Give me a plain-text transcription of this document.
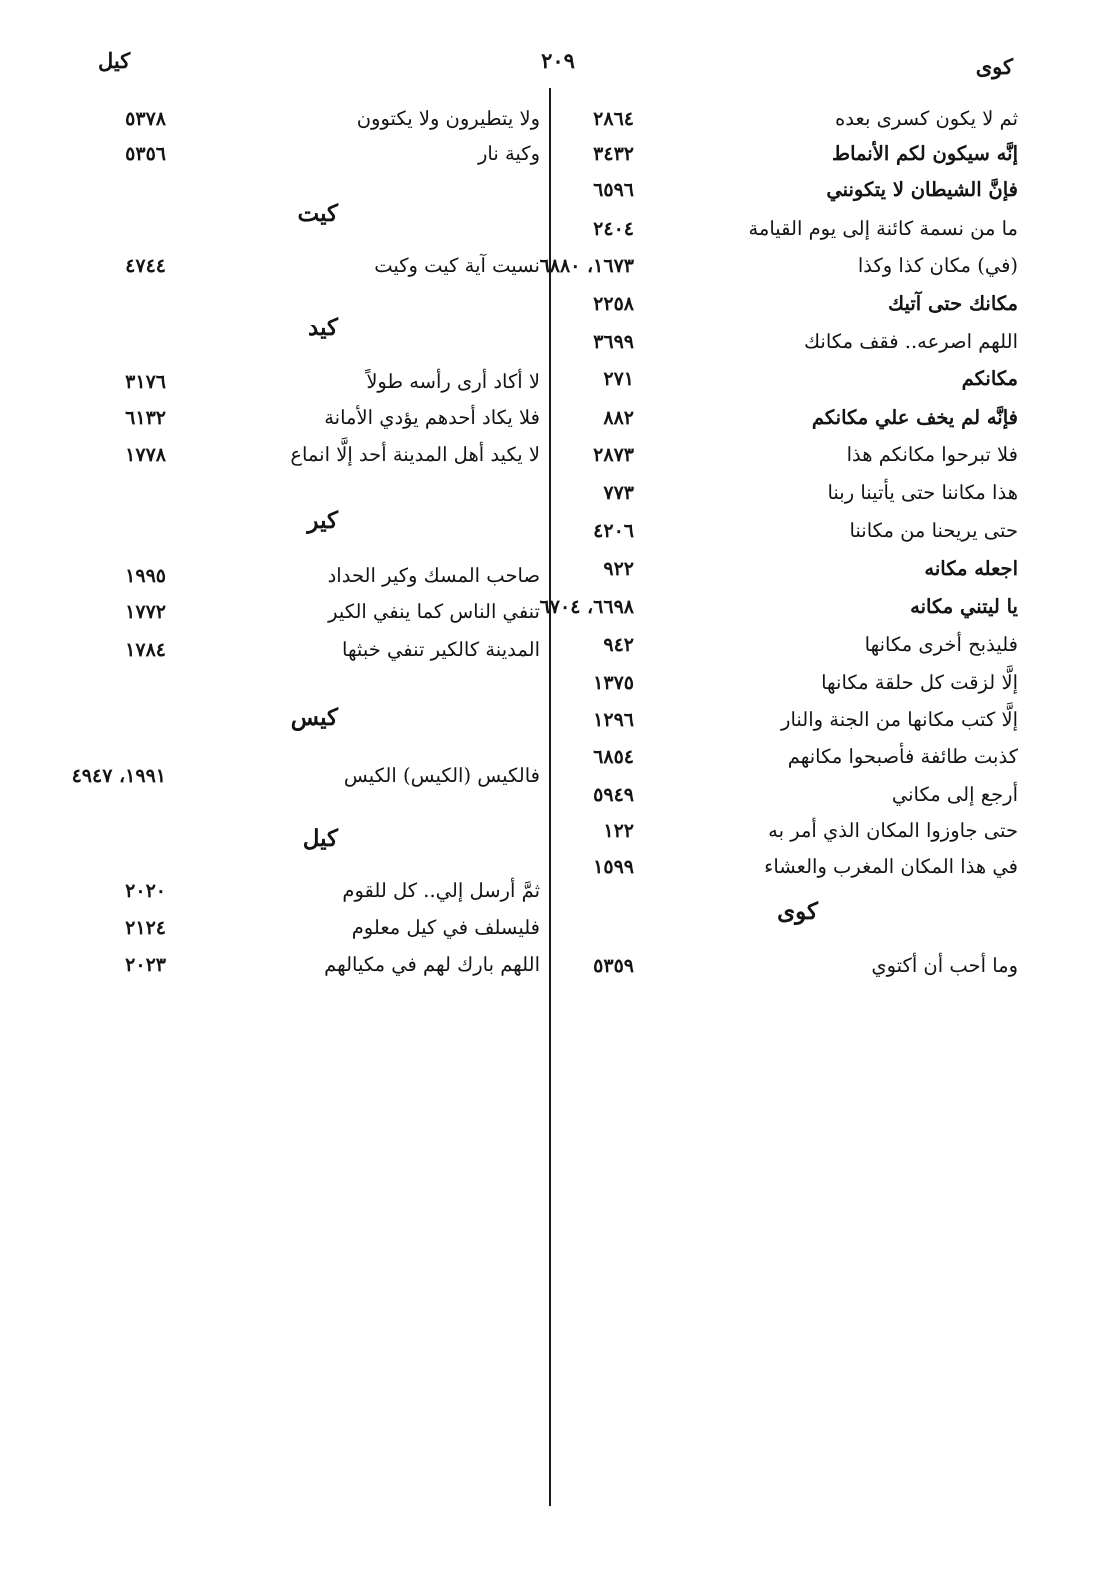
كيل	٢٠٩	كوى
ثم لا يكون كسرى بعده
٢٨٦٤
إنَّه سيكون لكم الأنماط
٣٤٣٢
فإنَّ الشيطان لا يتكونني
٦٥٩٦
ما من نسمة كائنة إلى يوم القيامة
٢٤٠٤
(في) مكان كذا وكذا
١٦٧٣، ٦٨٨٠
مكانك حتى آتيك
٢٢٥٨
اللهم اصرعه.. فقف مكانك
٣٦٩٩
مكانكم
٢٧١
فإنَّه لم يخف علي مكانكم
٨٨٢
فلا تبرحوا مكانكم هذا
٢٨٧٣
هذا مكاننا حتى يأتينا ربنا
٧٧٣
حتى يريحنا من مكاننا
٤٢٠٦
اجعله مكانه
٩٢٢
يا ليتني مكانه
٦٦٩٨، ٦٧٠٤
فليذبح أخرى مكانها
٩٤٢
إلَّا لزقت كل حلقة مكانها
١٣٧٥
إلَّا كتب مكانها من الجنة والنار
١٢٩٦
كذبت طائفة فأصبحوا مكانهم
٦٨٥٤
أرجع إلى مكاني
٥٩٤٩
حتى جاوزوا المكان الذي أمر به
١٢٢
في هذا المكان المغرب والعشاء
١٥٩٩
كوى
وما أحب أن أكتوي
٥٣٥٩
ولا يتطيرون ولا يكتوون
٥٣٧٨
وكية نار
٥٣٥٦
كيت
نسيت آية كيت وكيت
٤٧٤٤
كيد
لا أكاد أرى رأسه طولاً
٣١٧٦
فلا يكاد أحدهم يؤدي الأمانة
٦١٣٢
لا يكيد أهل المدينة أحد إلَّا انماع
١٧٧٨
كير
صاحب المسك وكير الحداد
١٩٩٥
تنفي الناس كما ينفي الكير
١٧٧٢
المدينة كالكير تنفي خبثها
١٧٨٤
كيس
فالكيس (الكيس) الكيس
١٩٩١، ٤٩٤٧
كيل
ثمَّ أرسل إلي.. كل للقوم
٢٠٢٠
فليسلف في كيل معلوم
٢١٢٤
اللهم بارك لهم في مكيالهم
٢٠٢٣
